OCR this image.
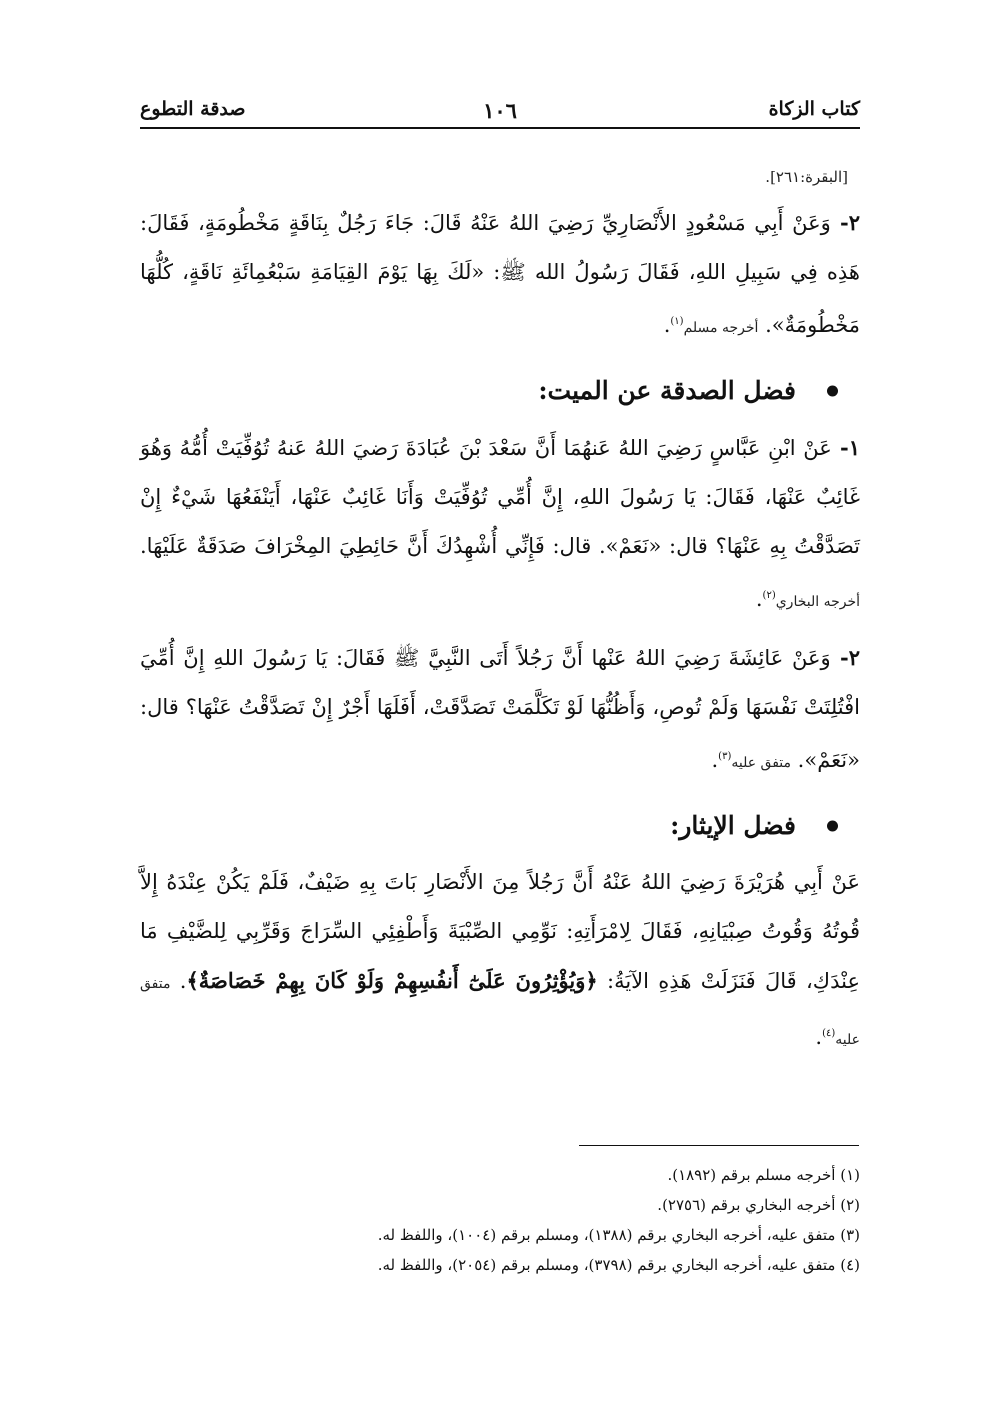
كتاب الزكاة
١٠٦
صدقة التطوع

[البقرة:٢٦١].

٢- وَعَنْ أَبِي مَسْعُودٍ الأَنْصَارِيِّ رَضِيَ اللهُ عَنْهُ قَالَ: جَاءَ رَجُلٌ بِنَاقَةٍ مَخْطُومَةٍ، فَقَالَ: هَذِه فِي سَبِيلِ اللهِ، فَقَالَ رَسُولُ الله ﷺ: «لَكَ بِهَا يَوْمَ القِيَامَةِ سَبْعُمِائَةِ نَاقَةٍ، كُلُّهَا مَخْطُومَةٌ». أخرجه مسلم$^{(١)}$.

فضل الصدقة عن الميت:

١- عَنْ ابْنِ عَبَّاسٍ رَضِيَ اللهُ عَنهُمَا أَنَّ سَعْدَ بْنَ عُبَادَةَ رَضيَ اللهُ عَنهُ تُوُفِّيَتْ أُمُّهُ وَهُوَ غَائِبٌ عَنْهَا، فَقَالَ: يَا رَسُولَ اللهِ، إِنَّ أُمِّي تُوُفِّيَتْ وَأَنَا غَائِبٌ عَنْهَا، أَيَنْفَعُهَا شَيْءٌ إِنْ تَصَدَّقْتُ بِهِ عَنْهَا؟ قال: «نَعَمْ». قال: فَإِنِّي أُشْهِدُكَ أَنَّ حَائِطِيَ المِخْرَافَ صَدَقَةٌ عَلَيْهَا. أخرجه البخاري$^{(٢)}$.

٢- وَعَنْ عَائِشَةَ رَضِيَ اللهُ عَنْها أَنَّ رَجُلاً أَتَى النَّبِيَّ ﷺ فَقَالَ: يَا رَسُولَ اللهِ إِنَّ أُمِّيَ افْتُلِتَتْ نَفْسَهَا وَلَمْ تُوصِ، وَأَظُنُّهَا لَوْ تَكَلَّمَتْ تَصَدَّقَتْ، أَفَلَهَا أَجْرٌ إِنْ تَصَدَّقْتُ عَنْهَا؟ قال: «نَعَمْ». متفق عليه$^{(٣)}$.

فضل الإيثار:

عَنْ أَبِي هُرَيْرَةَ رَضِيَ اللهُ عَنْهُ أَنَّ رَجُلاً مِنَ الأَنْصَارِ بَاتَ بِهِ ضَيْفٌ، فَلَمْ يَكُنْ عِنْدَهُ إِلاَّ قُوتُهُ وَقُوتُ صِبْيَانِهِ، فَقَالَ لِامْرَأَتِهِ: نَوِّمِي الصِّبْيَةَ وَأَطْفِئِي السِّرَاجَ وَقَرِّبِي لِلضَّيْفِ مَا عِنْدَكِ، قَالَ فَنَزَلَتْ هَذِهِ الآيَةُ: ﴿وَيُؤْثِرُونَ عَلَىٰٓ أَنفُسِهِمْ وَلَوْ كَانَ بِهِمْ خَصَاصَةٌ﴾. متفق عليه$^{(٤)}$.

(١) أخرجه مسلم برقم (١٨٩٢).

(٢) أخرجه البخاري برقم (٢٧٥٦).

(٣) متفق عليه، أخرجه البخاري برقم (١٣٨٨)، ومسلم برقم (١٠٠٤)، واللفظ له.

(٤) متفق عليه، أخرجه البخاري برقم (٣٧٩٨)، ومسلم برقم (٢٠٥٤)، واللفظ له.
